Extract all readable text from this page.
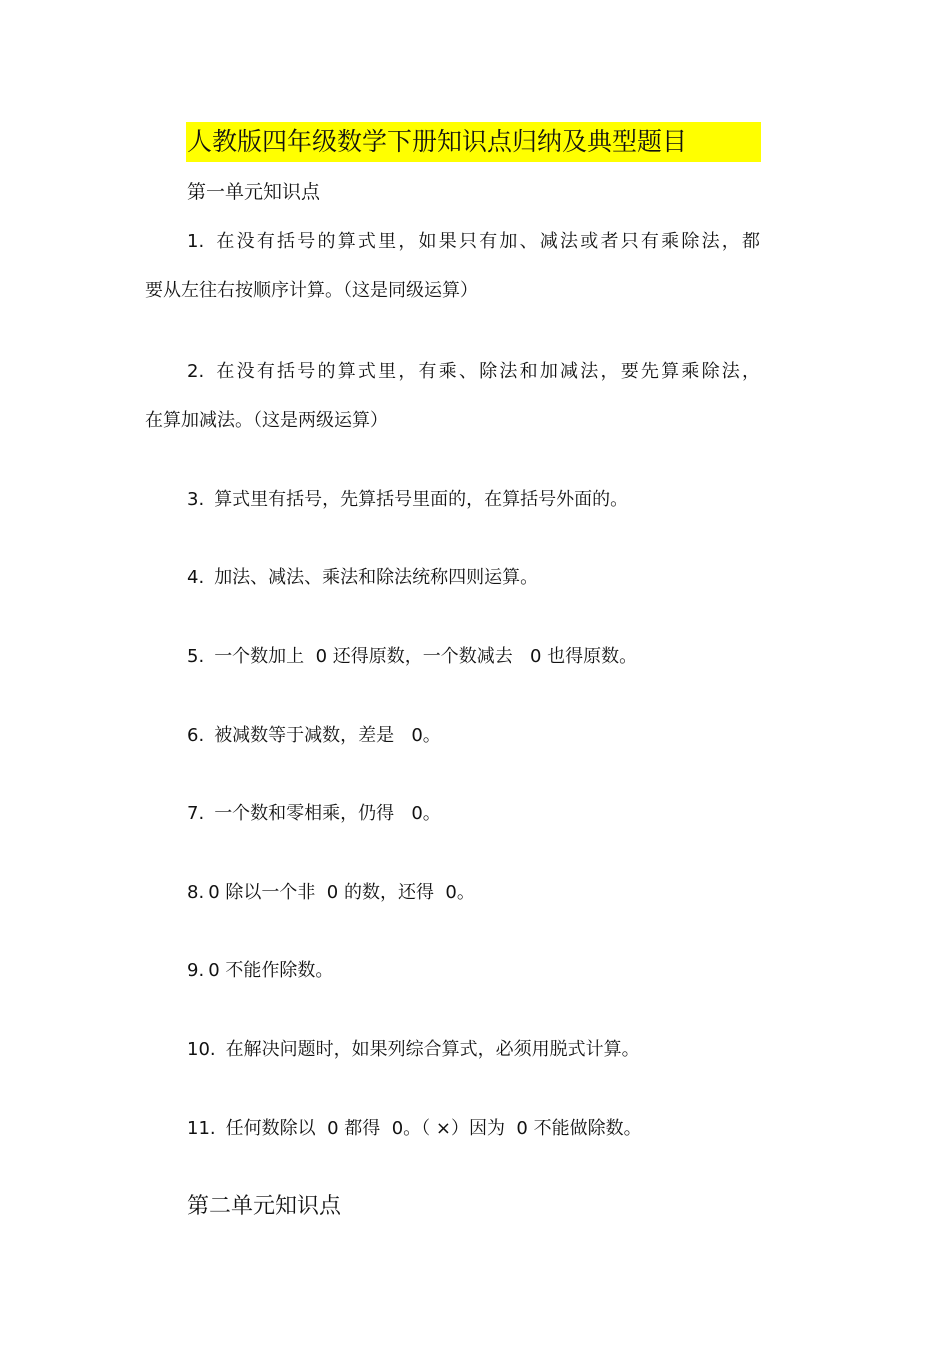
人教版四年级数学下册知识点归纳及典型题目
第一单元知识点
1. 在没有括号的算式里，如果只有加、减法或者只有乘除法，都
要从左往右按顺序计算。（这是同级运算）
2. 在没有括号的算式里，有乘、除法和加减法，要先算乘除法，
在算加减法。（这是两级运算）
3. 算式里有括号，先算括号里面的，在算括号外面的。
4. 加法、减法、乘法和除法统称四则运算。
5. 一个数加上  0 还得原数，一个数减去   0 也得原数。
6. 被减数等于减数，差是   0。
7. 一个数和零相乘，仍得   0。
8. 0 除以一个非  0 的数，还得  0。
9. 0 不能作除数。
10. 在解决问题时，如果列综合算式，必须用脱式计算。
11. 任何数除以  0 都得  0。（ ×）因为  0 不能做除数。
第二单元知识点
